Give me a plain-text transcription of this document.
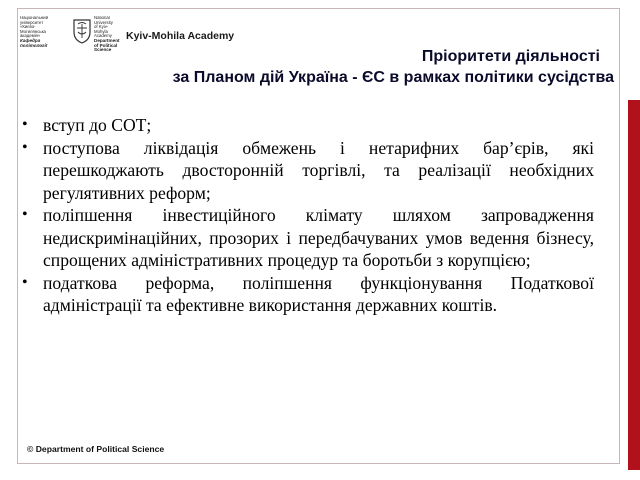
Національний
університет
«Києво-
Могилянська
академія»
Кафедра
політології
National
University
of Kyiv-
Mohyla
Academy
Department
of Political
Science
Kyiv-Mohila Academy
Пріоритети діяльності
за Планом дій Україна - ЄС в рамках політики сусідства
• вступ до СОТ;
• поступова ліквідація обмежень і нетарифних бар’єрів, які перешкоджають двосторонній торгівлі, та реалізації необхідних регулятивних реформ;
• поліпшення інвестиційного клімату шляхом запровадження недискримінаційних, прозорих і передбачуваних умов ведення бізнесу, спрощених адміністративних процедур та боротьби з корупцією;
• податкова реформа, поліпшення функціонування Податкової адміністрації та ефективне використання державних коштів.
© Department of Political Science
